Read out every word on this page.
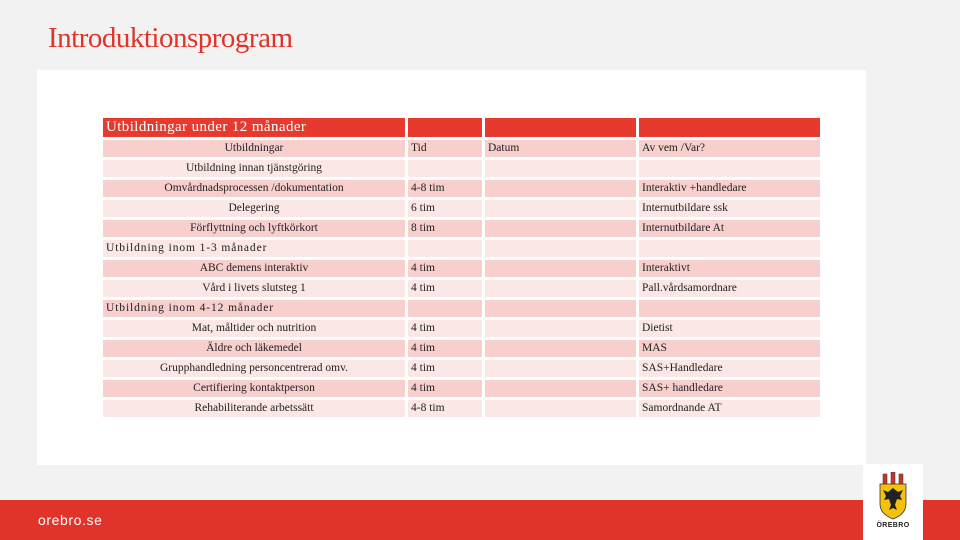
Introduktionsprogram
Utbildningar under 12 månader			
Utbildningar	Tid	Datum	Av vem /Var?
Utbildning innan tjänstgöring			
Omvårdnadsprocessen /dokumentation	4-8 tim		Interaktiv +handledare
Delegering	6 tim		Internutbildare ssk
Förflyttning och lyftkörkort	8 tim		Internutbildare At
Utbildning inom 1-3 månader			
ABC demens interaktiv	4 tim		Interaktivt
Vård i livets slutsteg 1	4 tim		Pall.vårdsamordnare
Utbildning inom 4-12 månader			
Mat, måltider och nutrition	4 tim		Dietist
Äldre och läkemedel	4 tim		MAS
Grupphandledning personcentrerad omv.	4 tim		SAS+Handledare
Certifiering kontaktperson	4 tim		SAS+ handledare
Rehabiliterande arbetssätt	4-8 tim		Samordnande AT
orebro.se	ÖREBRO
